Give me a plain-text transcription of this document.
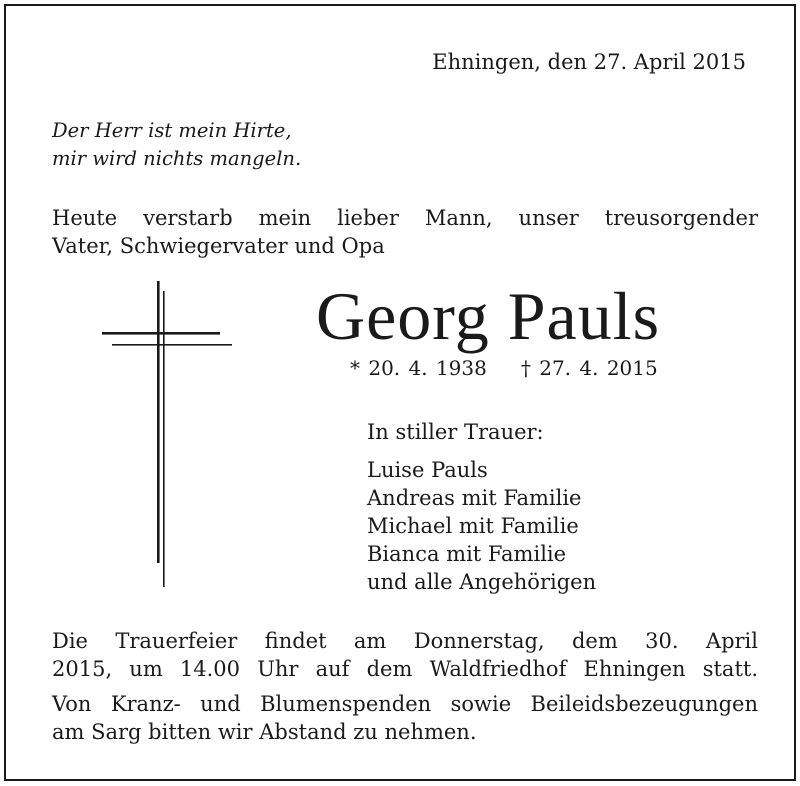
Ehningen, den 27. April 2015
Der Herr ist mein Hirte,
mir wird nichts mangeln.
Heute verstarb mein lieber Mann, unser treusorgender
Vater, Schwiegervater und Opa
Georg Pauls
* 20. 4. 1938 † 27. 4. 2015
In stiller Trauer:
Luise Pauls
Andreas mit Familie
Michael mit Familie
Bianca mit Familie
und alle Angehörigen
Die Trauerfeier findet am Donnerstag, dem 30. April
2015, um 14.00 Uhr auf dem Waldfriedhof Ehningen statt.
Von Kranz- und Blumenspenden sowie Beileidsbezeugungen
am Sarg bitten wir Abstand zu nehmen.
